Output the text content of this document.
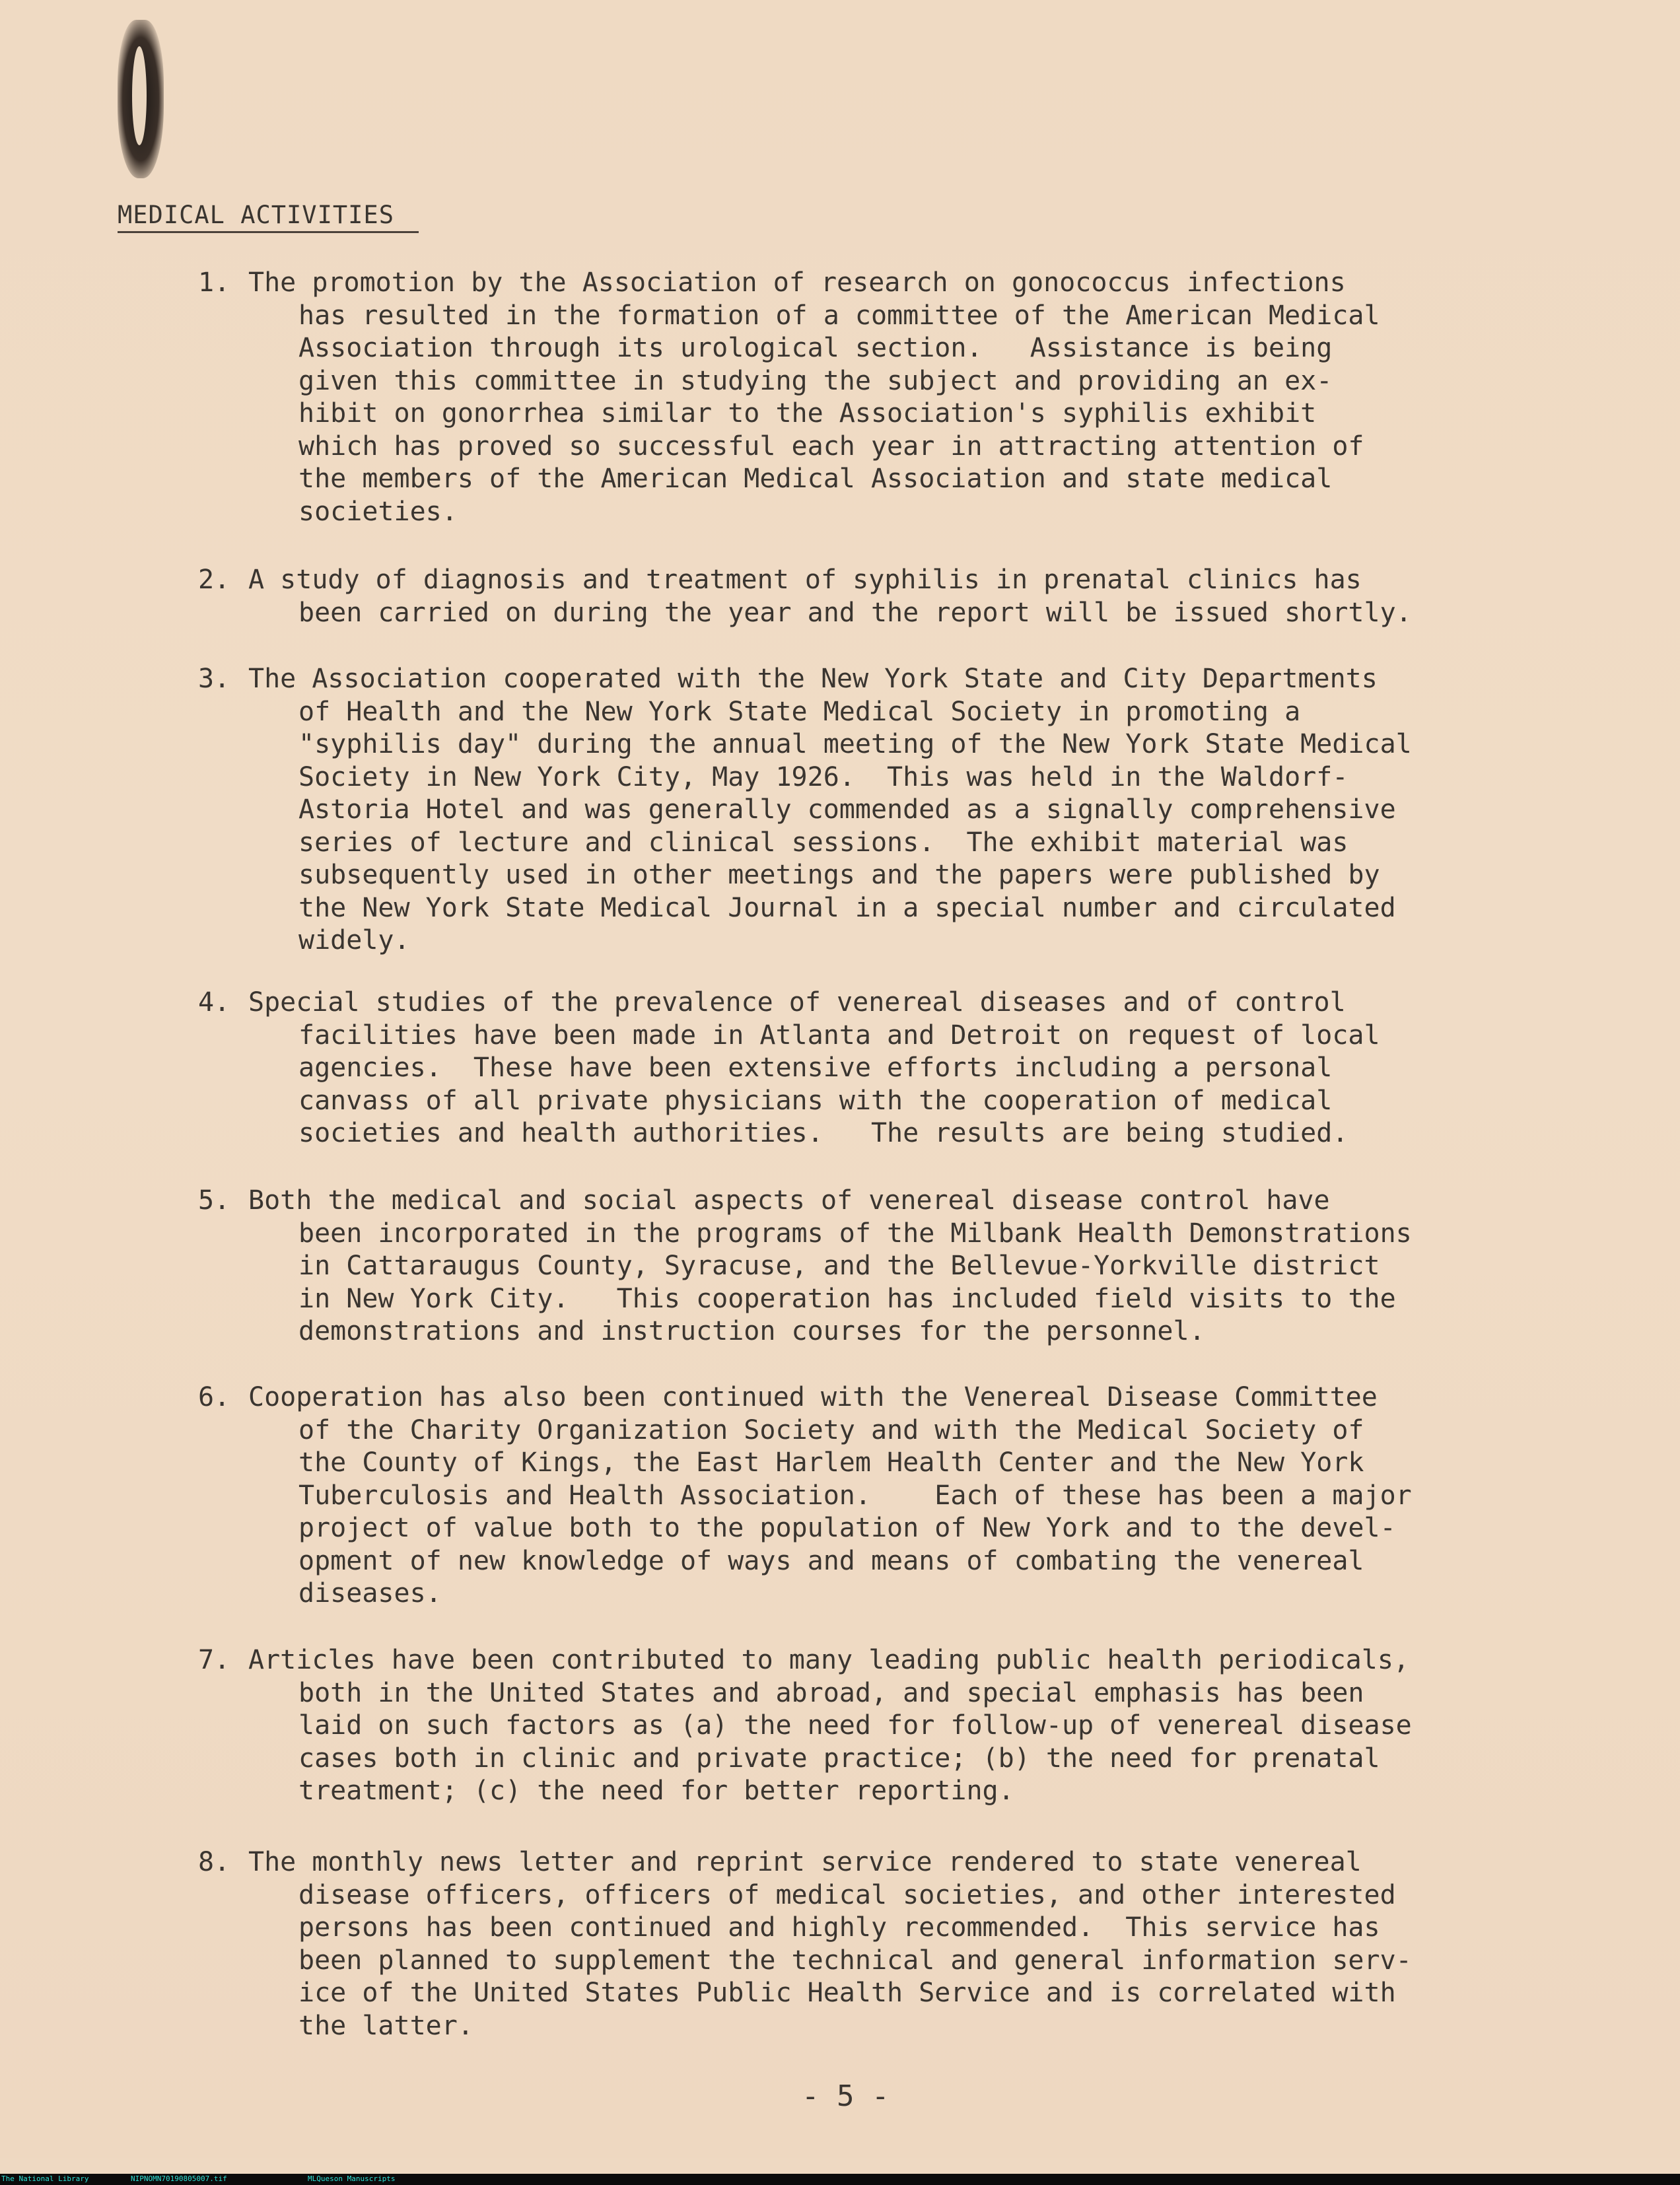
MEDICAL ACTIVITIES
1. The promotion by the Association of research on gonococcus infections
has resulted in the formation of a committee of the American Medical
Association through its urological section.   Assistance is being
given this committee in studying the subject and providing an ex-
hibit on gonorrhea similar to the Association's syphilis exhibit
which has proved so successful each year in attracting attention of
the members of the American Medical Association and state medical
societies.
2. A study of diagnosis and treatment of syphilis in prenatal clinics has
been carried on during the year and the report will be issued shortly.
3. The Association cooperated with the New York State and City Departments
of Health and the New York State Medical Society in promoting a
"syphilis day" during the annual meeting of the New York State Medical
Society in New York City, May 1926.  This was held in the Waldorf-
Astoria Hotel and was generally commended as a signally comprehensive
series of lecture and clinical sessions.  The exhibit material was
subsequently used in other meetings and the papers were published by
the New York State Medical Journal in a special number and circulated
widely.
4. Special studies of the prevalence of venereal diseases and of control
facilities have been made in Atlanta and Detroit on request of local
agencies.  These have been extensive efforts including a personal
canvass of all private physicians with the cooperation of medical
societies and health authorities.   The results are being studied.
5. Both the medical and social aspects of venereal disease control have
been incorporated in the programs of the Milbank Health Demonstrations
in Cattaraugus County, Syracuse, and the Bellevue-Yorkville district
in New York City.   This cooperation has included field visits to the
demonstrations and instruction courses for the personnel.
6. Cooperation has also been continued with the Venereal Disease Committee
of the Charity Organization Society and with the Medical Society of
the County of Kings, the East Harlem Health Center and the New York
Tuberculosis and Health Association.    Each of these has been a major
project of value both to the population of New York and to the devel-
opment of new knowledge of ways and means of combating the venereal
diseases.
7. Articles have been contributed to many leading public health periodicals,
both in the United States and abroad, and special emphasis has been
laid on such factors as (a) the need for follow-up of venereal disease
cases both in clinic and private practice; (b) the need for prenatal
treatment; (c) the need for better reporting.
8. The monthly news letter and reprint service rendered to state venereal
disease officers, officers of medical societies, and other interested
persons has been continued and highly recommended.  This service has
been planned to supplement the technical and general information serv-
ice of the United States Public Health Service and is correlated with
the latter.
- 5 -
The National Library	NIPNOMN70190805007.tif	MLQueson Manuscripts
